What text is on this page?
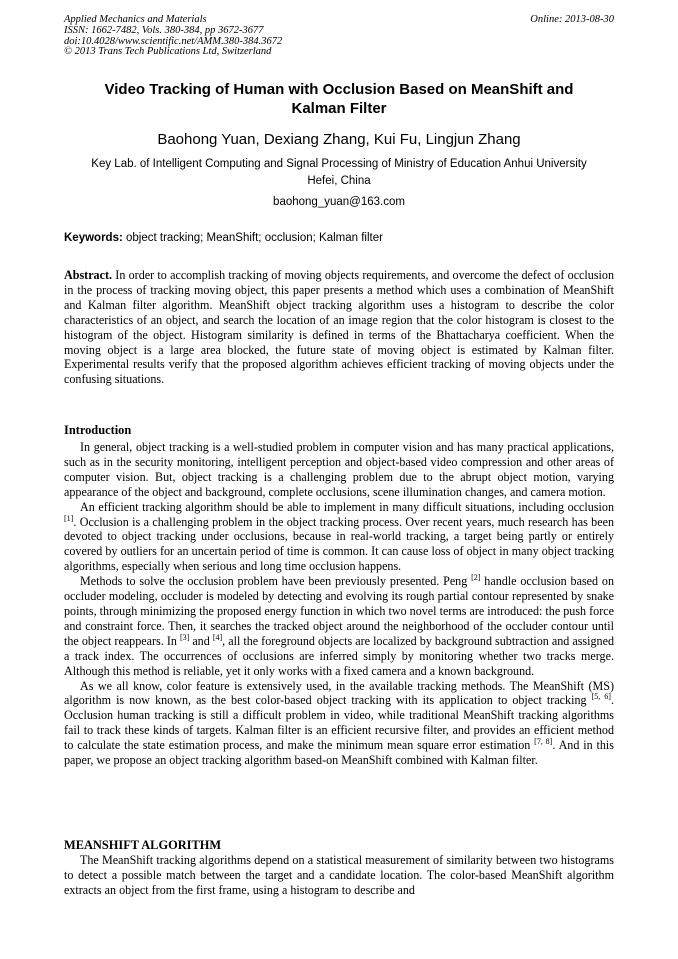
Applied Mechanics and Materials
ISSN: 1662-7482, Vols. 380-384, pp 3672-3677
doi:10.4028/www.scientific.net/AMM.380-384.3672
© 2013 Trans Tech Publications Ltd, Switzerland
Online: 2013-08-30
Video Tracking of Human with Occlusion Based on MeanShift and
Kalman Filter
Baohong Yuan, Dexiang Zhang, Kui Fu, Lingjun Zhang
Key Lab. of Intelligent Computing and Signal Processing of Ministry of Education Anhui University
Hefei, China
baohong_yuan@163.com
Keywords: object tracking; MeanShift; occlusion; Kalman filter
Abstract. In order to accomplish tracking of moving objects requirements, and overcome the defect of occlusion in the process of tracking moving object, this paper presents a method which uses a combination of MeanShift and Kalman filter algorithm. MeanShift object tracking algorithm uses a histogram to describe the color characteristics of an object, and search the location of an image region that the color histogram is closest to the histogram of the object. Histogram similarity is defined in terms of the Bhattacharya coefficient. When the moving object is a large area blocked, the future state of moving object is estimated by Kalman filter. Experimental results verify that the proposed algorithm achieves efficient tracking of moving objects under the confusing situations.
Introduction

In general, object tracking is a well-studied problem in computer vision and has many practical applications, such as in the security monitoring, intelligent perception and object-based video compression and other areas of computer vision. But, object tracking is a challenging problem due to the abrupt object motion, varying appearance of the object and background, complete occlusions, scene illumination changes, and camera motion.

An efficient tracking algorithm should be able to implement in many difficult situations, including occlusion [1]. Occlusion is a challenging problem in the object tracking process. Over recent years, much research has been devoted to object tracking under occlusions, because in real-world tracking, a target being partly or entirely covered by outliers for an uncertain period of time is common. It can cause loss of object in many object tracking algorithms, especially when serious and long time occlusion happens.

Methods to solve the occlusion problem have been previously presented. Peng [2] handle occlusion based on occluder modeling, occluder is modeled by detecting and evolving its rough partial contour represented by snake points, through minimizing the proposed energy function in which two novel terms are introduced: the push force and constraint force. Then, it searches the tracked object around the neighborhood of the occluder contour until the object reappears. In [3] and [4], all the foreground objects are localized by background subtraction and assigned a track index. The occurrences of occlusions are inferred simply by monitoring whether two tracks merge. Although this method is reliable, yet it only works with a fixed camera and a known background.

As we all know, color feature is extensively used, in the available tracking methods. The MeanShift (MS) algorithm is now known, as the best color-based object tracking with its application to object tracking [5, 6]. Occlusion human tracking is still a difficult problem in video, while traditional MeanShift tracking algorithms fail to track these kinds of targets. Kalman filter is an efficient recursive filter, and provides an efficient method to calculate the state estimation process, and make the minimum mean square error estimation [7, 8]. And in this paper, we propose an object tracking algorithm based-on MeanShift combined with Kalman filter.

MEANSHIFT ALGORITHM

The MeanShift tracking algorithms depend on a statistical measurement of similarity between two histograms to detect a possible match between the target and a candidate location. The color-based MeanShift algorithm extracts an object from the first frame, using a histogram to describe and
